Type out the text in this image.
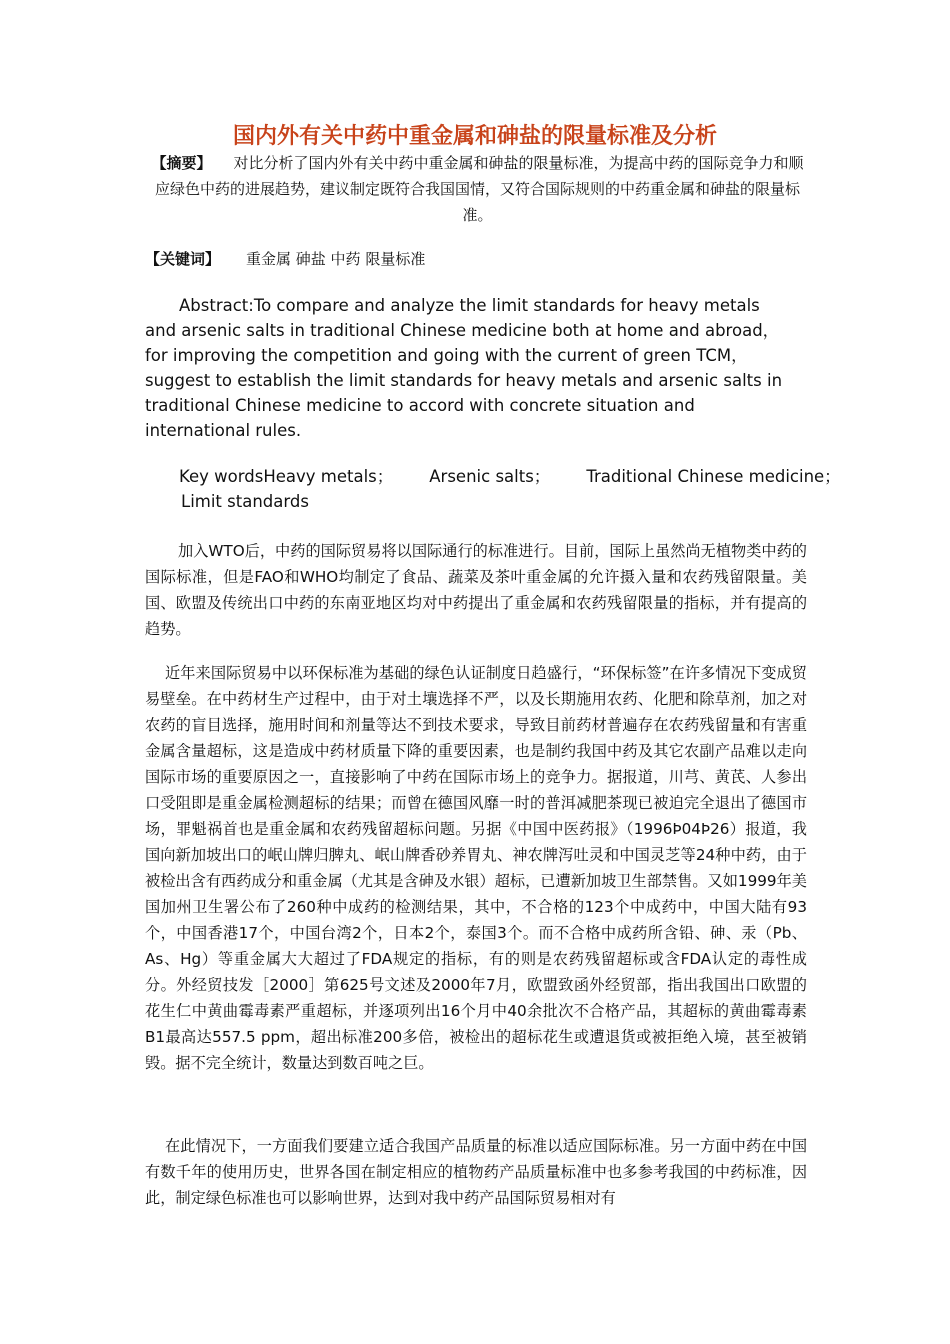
国内外有关中药中重金属和砷盐的限量标准及分析
【摘要】 对比分析了国内外有关中药中重金属和砷盐的限量标准，为提高中药的国际竞争力和顺应绿色中药的进展趋势，建议制定既符合我国国情，又符合国际规则的中药重金属和砷盐的限量标准。
【关键词】 重金属 砷盐 中药 限量标准
Abstract:To compare and analyze the limit standards for heavy metals and arsenic salts in traditional Chinese medicine both at home and abroad，for improving the competition and going with the current of green TCM，suggest to establish the limit standards for heavy metals and arsenic salts in traditional Chinese medicine to accord with concrete situation and international rules.
Key wordsHeavy metals； Arsenic salts； Traditional Chinese medicine；
Limit standards
加入WTO后，中药的国际贸易将以国际通行的标准进行。目前，国际上虽然尚无植物类中药的国际标准，但是FAO和WHO均制定了食品、蔬菜及茶叶重金属的允许摄入量和农药残留限量。美国、欧盟及传统出口中药的东南亚地区均对中药提出了重金属和农药残留限量的指标，并有提高的趋势。
近年来国际贸易中以环保标准为基础的绿色认证制度日趋盛行，“环保标签”在许多情况下变成贸易壁垒。在中药材生产过程中，由于对土壤选择不严，以及长期施用农药、化肥和除草剂，加之对农药的盲目选择，施用时间和剂量等达不到技术要求，导致目前药材普遍存在农药残留量和有害重金属含量超标，这是造成中药材质量下降的重要因素，也是制约我国中药及其它农副产品难以走向国际市场的重要原因之一，直接影响了中药在国际市场上的竞争力。据报道，川芎、黄芪、人参出口受阻即是重金属检测超标的结果；而曾在德国风靡一时的普洱减肥茶现已被迫完全退出了德国市场，罪魁祸首也是重金属和农药残留超标问题。另据《中国中医药报》（1996Þ04Þ26）报道，我国向新加坡出口的岷山牌归脾丸、岷山牌香砂养胃丸、神农牌泻吐灵和中国灵芝等24种中药，由于被检出含有西药成分和重金属（尤其是含砷及水银）超标，已遭新加坡卫生部禁售。又如1999年美国加州卫生署公布了260种中成药的检测结果，其中，不合格的123个中成药中，中国大陆有93个，中国香港17个，中国台湾2个，日本2个，泰国3个。而不合格中成药所含铅、砷、汞（Pb、As、Hg）等重金属大大超过了FDA规定的指标，有的则是农药残留超标或含FDA认定的毒性成分。外经贸技发［2000］第625号文述及2000年7月，欧盟致函外经贸部，指出我国出口欧盟的花生仁中黄曲霉毒素严重超标，并逐项列出16个月中40余批次不合格产品，其超标的黄曲霉毒素B1最高达557.5 ppm，超出标准200多倍，被检出的超标花生或遭退货或被拒绝入境，甚至被销毁。据不完全统计，数量达到数百吨之巨。
在此情况下，一方面我们要建立适合我国产品质量的标准以适应国际标准。另一方面中药在中国有数千年的使用历史，世界各国在制定相应的植物药产品质量标准中也多参考我国的中药标准，因此，制定绿色标准也可以影响世界，达到对我中药产品国际贸易相对有
